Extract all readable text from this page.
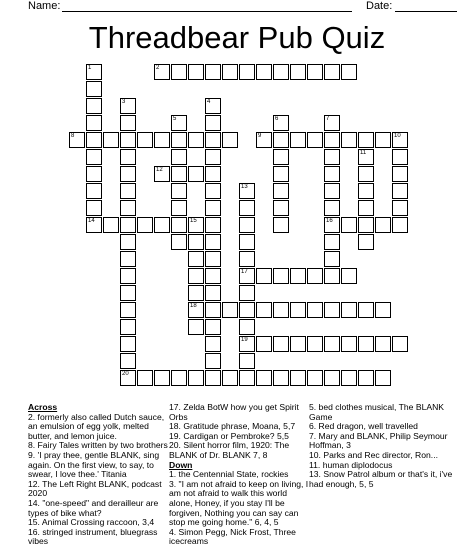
Name:	Date:
Threadbear Pub Quiz
2
8	9	10
12
14	16
17
18
19
20
1
3	4
5	6	7
11
13
15
Across
2. formerly also called Dutch sauce, an emulsion of egg yolk, melted butter, and lemon juice.
8. Fairy Tales written by two brothers
9. 'I pray thee, gentle BLANK, sing again. On the first view, to say, to swear, I love thee.' Titania
12. The Left Right BLANK, podcast 2020
14. "one-speed" and derailleur are types of bike what?
15. Animal Crossing raccoon, 3,4
16. stringed instrument, bluegrass vibes
17. Zelda BotW how you get Spirit Orbs
18. Gratitude phrase, Moana, 5,7
19. Cardigan or Pembroke? 5,5
20. Silent horror film, 1920: The BLANK of Dr. BLANK 7, 8
Down
1. the Centennial State, rockies
3. "I am not afraid to keep on living, I am not afraid to walk this world alone, Honey, if you stay I'll be forgiven, Nothing you can say can stop me going home." 6, 4, 5
4. Simon Pegg, Nick Frost, Three icecreams
5. bed clothes musical, The BLANK Game
6. Red dragon, well travelled
7. Mary and BLANK, Philip Seymour Hoffman, 3
10. Parks and Rec director, Ron...
11. human diplodocus
13. Snow Patrol album or that's it, i've had enough, 5, 5
